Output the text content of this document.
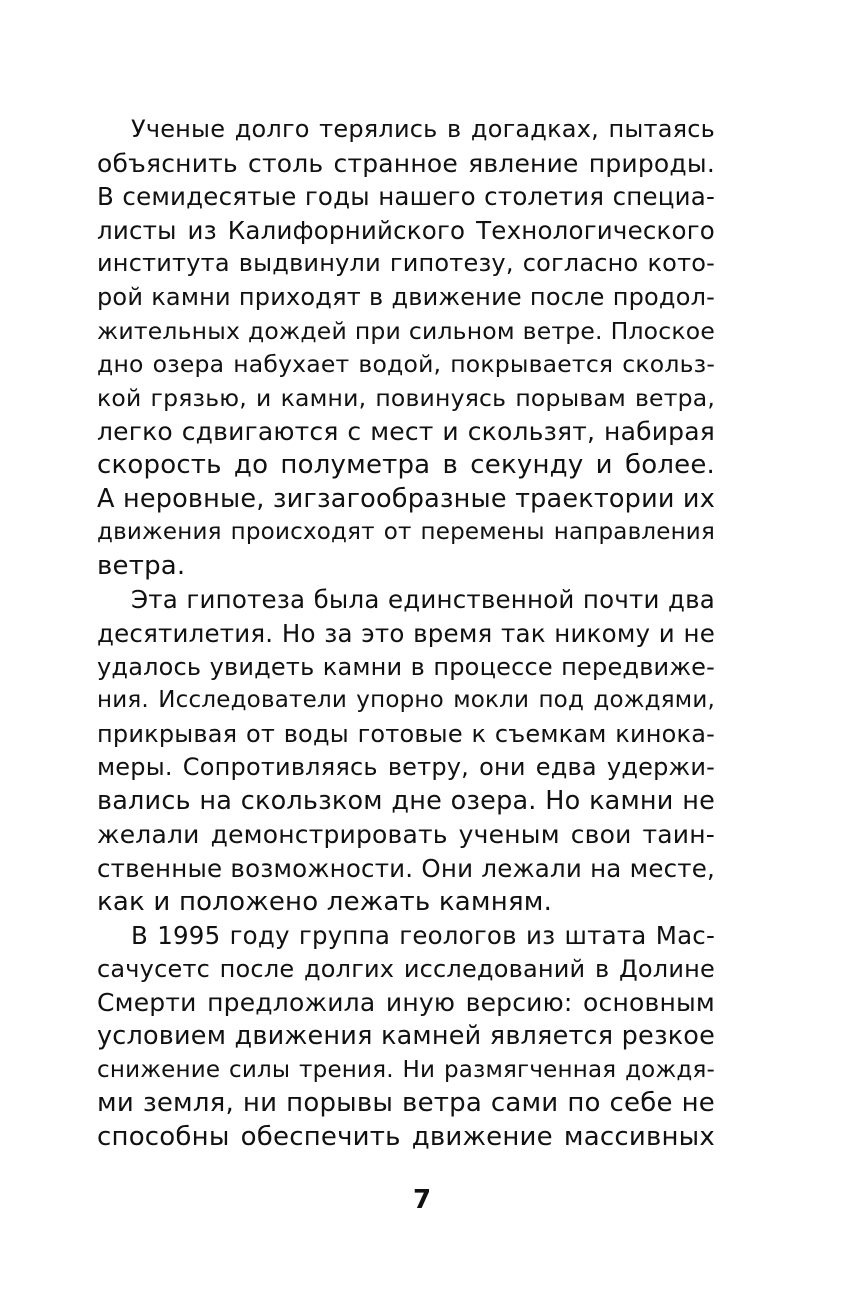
Ученые долго терялись в догадках, пытаясь
объяснить столь странное явление природы.
В семидесятые годы нашего столетия специа-
листы из Калифорнийского Технологического
института выдвинули гипотезу, согласно кото-
рой камни приходят в движение после продол-
жительных дождей при сильном ветре. Плоское
дно озера набухает водой, покрывается скольз-
кой грязью, и камни, повинуясь порывам ветра,
легко сдвигаются с мест и скользят, набирая
скорость до полуметра в секунду и более.
А неровные, зигзагообразные траектории их
движения происходят от перемены направления
ветра.
Эта гипотеза была единственной почти два
десятилетия. Но за это время так никому и не
удалось увидеть камни в процессе передвиже-
ния. Исследователи упорно мокли под дождями,
прикрывая от воды готовые к съемкам кинока-
меры. Сопротивляясь ветру, они едва удержи-
вались на скользком дне озера. Но камни не
желали демонстрировать ученым свои таин-
ственные возможности. Они лежали на месте,
как и положено лежать камням.
В 1995 году группа геологов из штата Мас-
сачусетс после долгих исследований в Долине
Смерти предложила иную версию: основным
условием движения камней является резкое
снижение силы трения. Ни размягченная дождя-
ми земля, ни порывы ветра сами по себе не
способны обеспечить движение массивных
7
